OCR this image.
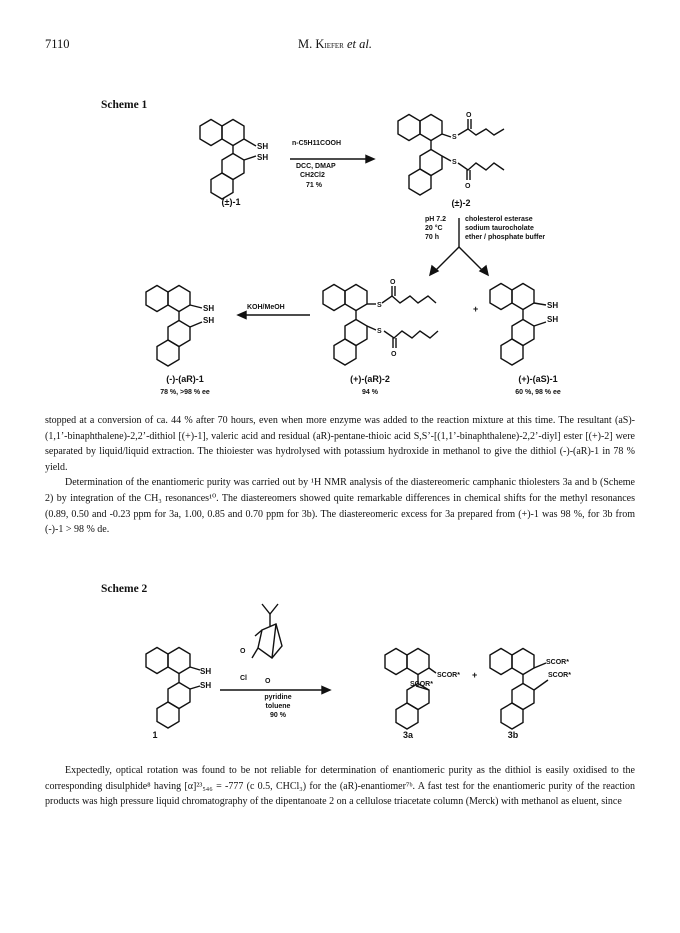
7110	M. Kiefer et al.
Scheme 1
SH
SH
S
S
O
O
SH
SH
S
S
O
O
SH
SH
+
n-C5H11COOH
DCC, DMAP
CH2Cl2
71 %
(±)-1	(±)-2
pH 7.2
20 °C
70 h
cholesterol esterase
sodium taurocholate
ether / phosphate buffer
KOH/MeOH
(-)-(aR)-1
78 %, >98 % ee
(+)-(aR)-2
94 %
(+)-(aS)-1
60 %, 98 % ee

stopped at a conversion of ca. 44 % after 70 hours, even when more enzyme was added to the reaction mixture at this time. The resultant (aS)-(1,1’-binaphthalene)-2,2’-dithiol [(+)-1], valeric acid and residual (aR)-pentane-thioic acid S,S’-[(1,1’-binaphthalene)-2,2’-diyl] ester [(+)-2] were separated by liquid/liquid extraction. The thioiester was hydrolysed with potassium hydroxide in methanol to give the dithiol (-)-(aR)-1 in 78 % yield.

Determination of the enantiomeric purity was carried out by ¹H NMR analysis of the diastereomeric camphanic thiolesters 3a and b (Scheme 2) by integration of the CH₃ resonances¹⁰. The diastereomers showed quite remarkable differences in chemical shifts for the methyl resonances (0.89, 0.50 and -0.23 ppm for 3a, 1.00, 0.85 and 0.70 ppm for 3b). The diastereomeric excess for 3a prepared from (+)-1 was 98 %, for 3b from (-)-1 > 98 % de.

Scheme 2
SH
SH
O
O
Cl	SCOR*
SCOR*
+
SCOR*
SCOR*
pyridine
toluene
90 %
1	3a	3b

Expectedly, optical rotation was found to be not reliable for determination of enantiomeric purity as the dithiol is easily oxidised to the corresponding disulphide⁸ having [α]²³₅₄₆ = -777 (c 0.5, CHCl₃) for the (aR)-enantiomer⁷ᵇ. A fast test for the enantiomeric purity of the reaction products was high pressure liquid chromatography of the dipentanoate 2 on a cellulose triacetate column (Merck) with methanol as eluent, since
